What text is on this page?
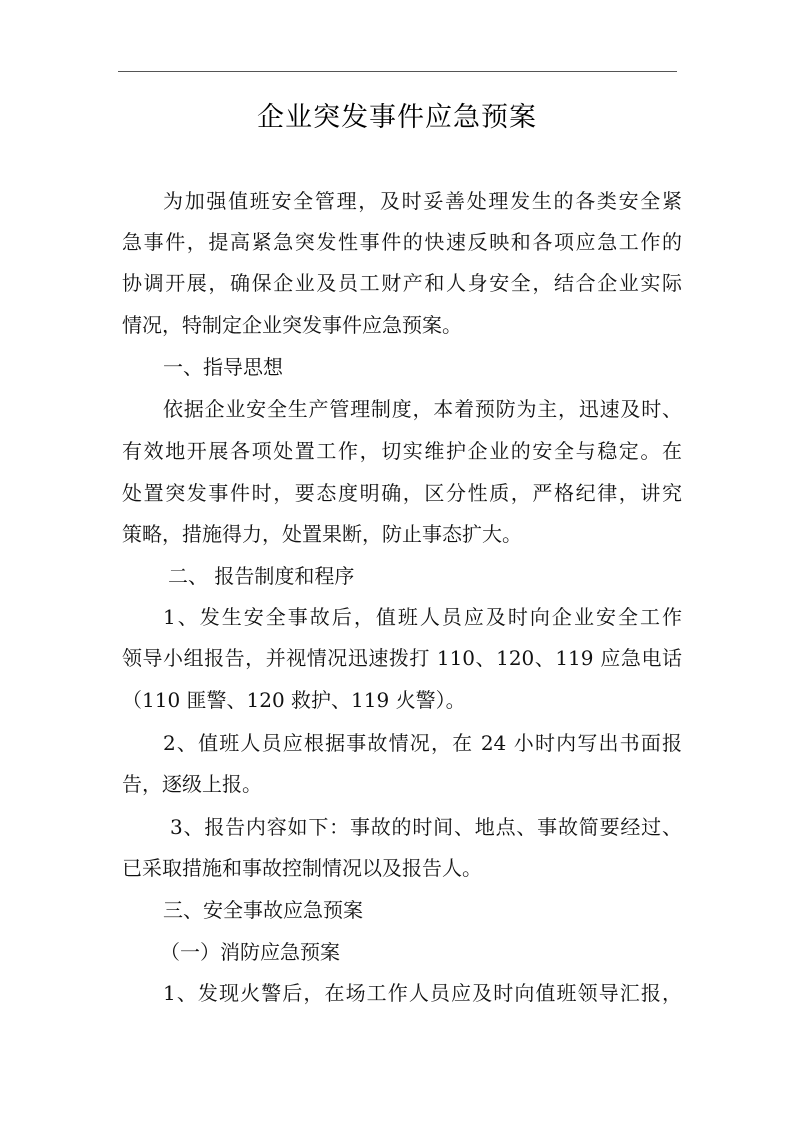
企业突发事件应急预案

为加强值班安全管理，及时妥善处理发生的各类安全紧

急事件，提高紧急突发性事件的快速反映和各项应急工作的

协调开展，确保企业及员工财产和人身安全，结合企业实际

情况，特制定企业突发事件应急预案。

一、指导思想

依据企业安全生产管理制度，本着预防为主，迅速及时、

有效地开展各项处置工作，切实维护企业的安全与稳定。在

处置突发事件时，要态度明确，区分性质，严格纪律，讲究

策略，措施得力，处置果断，防止事态扩大。

二、 报告制度和程序

1、发生安全事故后，值班人员应及时向企业安全工作

领导小组报告，并视情况迅速拨打 110、120、119 应急电话

（110 匪警、120 救护、119 火警）。

2、值班人员应根据事故情况，在 24 小时内写出书面报

告，逐级上报。

3、报告内容如下：事故的时间、地点、事故简要经过、

已采取措施和事故控制情况以及报告人。

三、安全事故应急预案

（一）消防应急预案

1、发现火警后，在场工作人员应及时向值班领导汇报，
